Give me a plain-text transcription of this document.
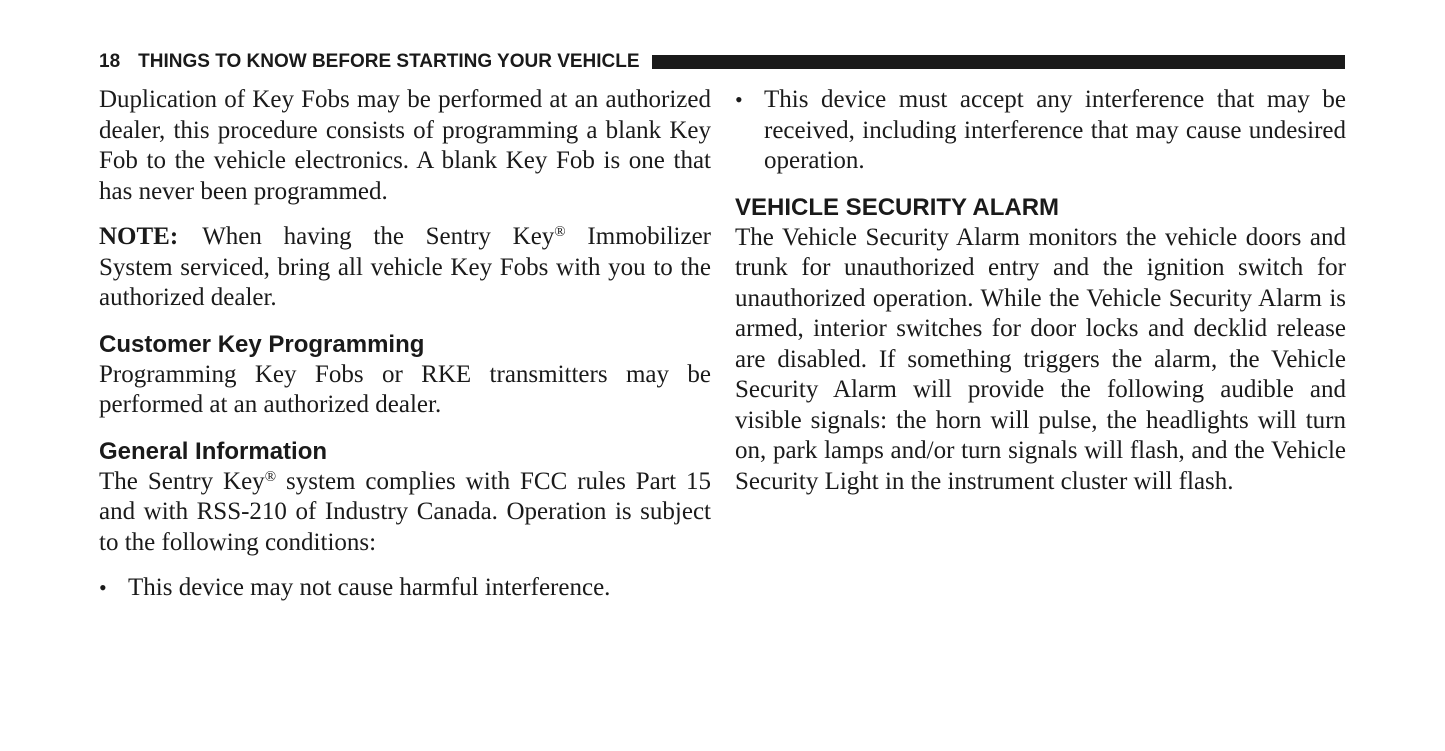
18 THINGS TO KNOW BEFORE STARTING YOUR VEHICLE

Duplication of Key Fobs may be performed at an authorized dealer, this procedure consists of programming a blank Key Fob to the vehicle electronics. A blank Key Fob is one that has never been programmed.

NOTE: When having the Sentry Key® Immobilizer System serviced, bring all vehicle Key Fobs with you to the authorized dealer.

Customer Key Programming

Programming Key Fobs or RKE transmitters may be performed at an authorized dealer.

General Information

The Sentry Key® system complies with FCC rules Part 15 and with RSS-210 of Industry Canada. Operation is subject to the following conditions:

• This device may not cause harmful interference.
• This device must accept any interference that may be received, including interference that may cause undesired operation.
VEHICLE SECURITY ALARM

The Vehicle Security Alarm monitors the vehicle doors and trunk for unauthorized entry and the ignition switch for unauthorized operation. While the Vehicle Security Alarm is armed, interior switches for door locks and decklid release are disabled. If something triggers the alarm, the Vehicle Security Alarm will provide the following audible and visible signals: the horn will pulse, the headlights will turn on, park lamps and/or turn signals will flash, and the Vehicle Security Light in the instrument cluster will flash.
